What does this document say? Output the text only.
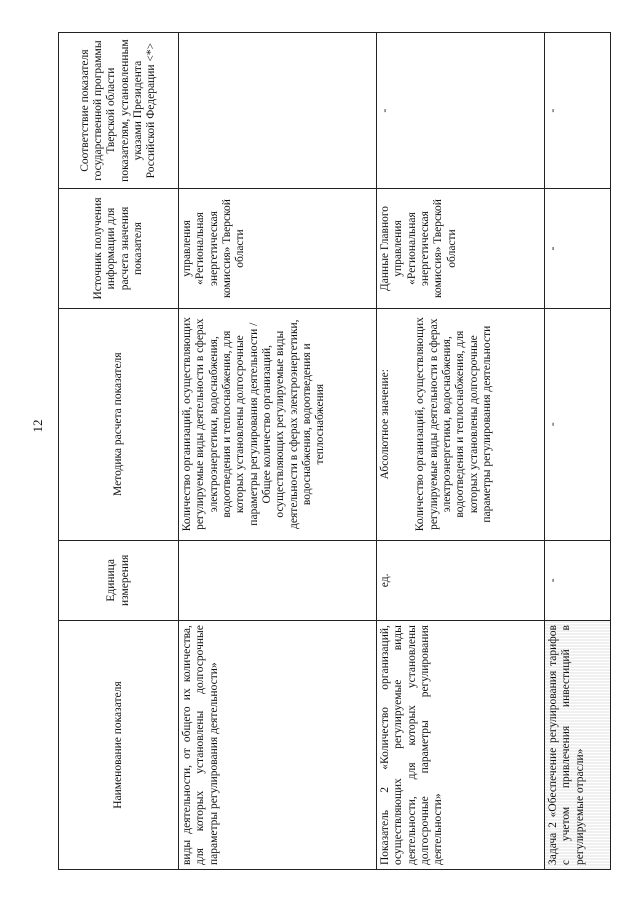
12
Наименование показателя	Единица измерения	Методика расчета показателя	Источник получения информации для расчета значения показателя	Соответствие показателя государственной программы Тверской области показателям, установленным указами Президента Российской Федерации <*>
виды деятельности, от общего их количества, для которых установлены долгосрочные параметры регулирования деятельности»		Количество организаций, осуществляющих регулируемые виды деятельности в сферах электроэнергетики, водоснабжения, водоотведения и теплоснабжения, для которых установлены долгосрочные параметры регулирования деятельности / Общее количество организаций, осуществляющих регулируемые виды деятельности в сферах электроэнергетики, водоснабжения, водоотведения и теплоснабжения	управления «Региональная энергетическая комиссия» Тверской области	
Показатель 2 «Количество организаций, осуществляющих регулируемые виды деятельности, для которых установлены долгосрочные параметры регулирования деятельности»	ед.	Абсолютное значение: Количество организаций, осуществляющих регулируемые виды деятельности в сферах электроэнергетики, водоснабжения, водоотведения и теплоснабжения, для которых установлены долгосрочные параметры регулирования деятельности	Данные Главного управления «Региональная энергетическая комиссия» Тверской области	-
Задача 2 «Обеспечение регулирования тарифов с учетом привлечения инвестиций в регулируемые отрасли»	-	-	-	-
